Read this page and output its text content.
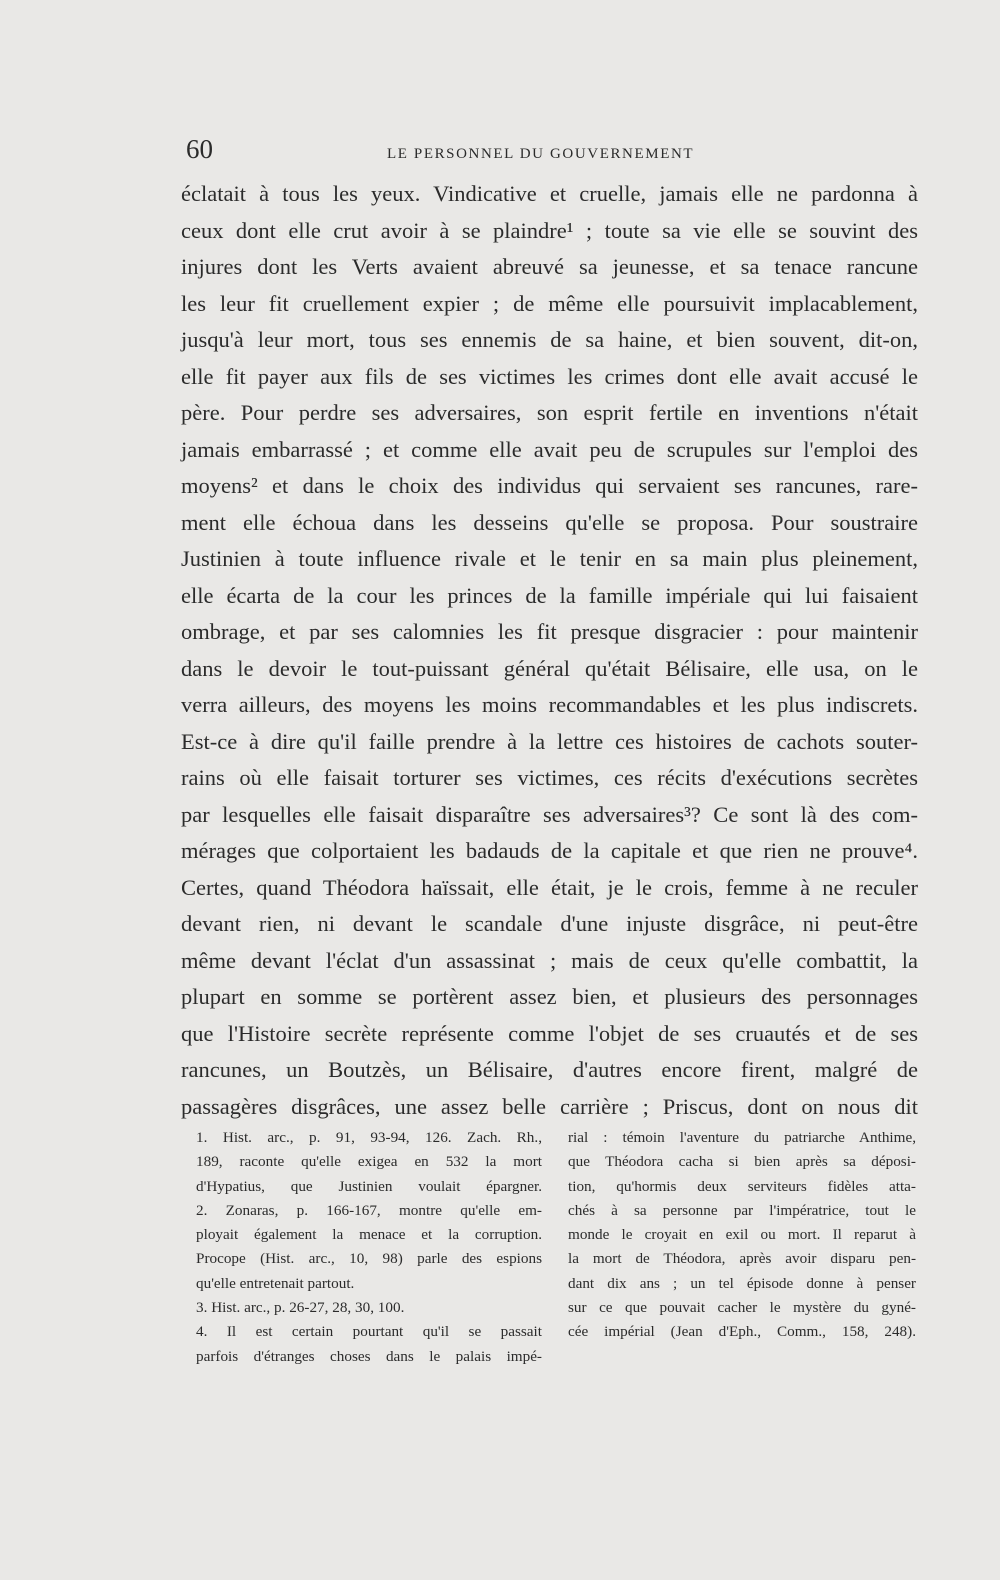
60	LE PERSONNEL DU GOUVERNEMENT
éclatait à tous les yeux. Vindicative et cruelle, jamais elle ne pardonna à
ceux dont elle crut avoir à se plaindre¹ ; toute sa vie elle se souvint des
injures dont les Verts avaient abreuvé sa jeunesse, et sa tenace rancune
les leur fit cruellement expier ; de même elle poursuivit implacablement,
jusqu'à leur mort, tous ses ennemis de sa haine, et bien souvent, dit-on,
elle fit payer aux fils de ses victimes les crimes dont elle avait accusé le
père. Pour perdre ses adversaires, son esprit fertile en inventions n'était
jamais embarrassé ; et comme elle avait peu de scrupules sur l'emploi des
moyens² et dans le choix des individus qui servaient ses rancunes, rare-
ment elle échoua dans les desseins qu'elle se proposa. Pour soustraire
Justinien à toute influence rivale et le tenir en sa main plus pleinement,
elle écarta de la cour les princes de la famille impériale qui lui faisaient
ombrage, et par ses calomnies les fit presque disgracier : pour maintenir
dans le devoir le tout-puissant général qu'était Bélisaire, elle usa, on le
verra ailleurs, des moyens les moins recommandables et les plus indiscrets.
Est-ce à dire qu'il faille prendre à la lettre ces histoires de cachots souter-
rains où elle faisait torturer ses victimes, ces récits d'exécutions secrètes
par lesquelles elle faisait disparaître ses adversaires³? Ce sont là des com-
mérages que colportaient les badauds de la capitale et que rien ne prouve⁴.
Certes, quand Théodora haïssait, elle était, je le crois, femme à ne reculer
devant rien, ni devant le scandale d'une injuste disgrâce, ni peut-être
même devant l'éclat d'un assassinat ; mais de ceux qu'elle combattit, la
plupart en somme se portèrent assez bien, et plusieurs des personnages
que l'Histoire secrète représente comme l'objet de ses cruautés et de ses
rancunes, un Boutzès, un Bélisaire, d'autres encore firent, malgré de
passagères disgrâces, une assez belle carrière ; Priscus, dont on nous dit
1. Hist. arc., p. 91, 93-94, 126. Zach. Rh.,
189, raconte qu'elle exigea en 532 la mort
d'Hypatius, que Justinien voulait épargner.
2. Zonaras, p. 166-167, montre qu'elle em-
ployait également la menace et la corruption.
Procope (Hist. arc., 10, 98) parle des espions
qu'elle entretenait partout.
3. Hist. arc., p. 26-27, 28, 30, 100.
4. Il est certain pourtant qu'il se passait
parfois d'étranges choses dans le palais impé-
rial : témoin l'aventure du patriarche Anthime,
que Théodora cacha si bien après sa déposi-
tion, qu'hormis deux serviteurs fidèles atta-
chés à sa personne par l'impératrice, tout le
monde le croyait en exil ou mort. Il reparut à
la mort de Théodora, après avoir disparu pen-
dant dix ans ; un tel épisode donne à penser
sur ce que pouvait cacher le mystère du gyné-
cée impérial (Jean d'Eph., Comm., 158, 248).
